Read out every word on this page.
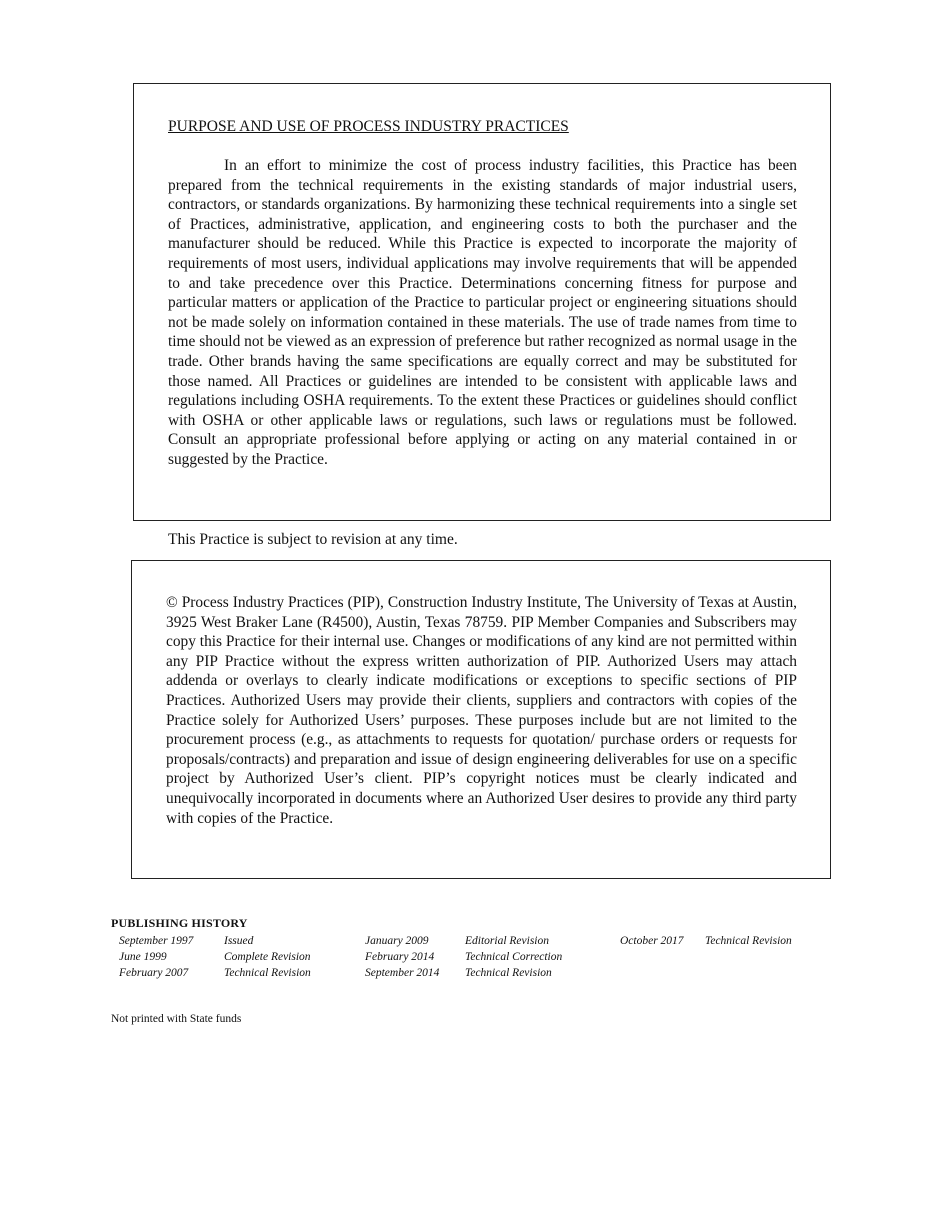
PURPOSE AND USE OF PROCESS INDUSTRY PRACTICES

In an effort to minimize the cost of process industry facilities, this Practice has been prepared from the technical requirements in the existing standards of major industrial users, contractors, or standards organizations. By harmonizing these technical requirements into a single set of Practices, administrative, application, and engineering costs to both the purchaser and the manufacturer should be reduced. While this Practice is expected to incorporate the majority of requirements of most users, individual applications may involve requirements that will be appended to and take precedence over this Practice. Determinations concerning fitness for purpose and particular matters or application of the Practice to particular project or engineering situations should not be made solely on information contained in these materials. The use of trade names from time to time should not be viewed as an expression of preference but rather recognized as normal usage in the trade. Other brands having the same specifications are equally correct and may be substituted for those named. All Practices or guidelines are intended to be consistent with applicable laws and regulations including OSHA requirements. To the extent these Practices or guidelines should conflict with OSHA or other applicable laws or regulations, such laws or regulations must be followed. Consult an appropriate professional before applying or acting on any material contained in or suggested by the Practice.

This Practice is subject to revision at any time.

© Process Industry Practices (PIP), Construction Industry Institute, The University of Texas at Austin, 3925 West Braker Lane (R4500), Austin, Texas 78759. PIP Member Companies and Subscribers may copy this Practice for their internal use. Changes or modifications of any kind are not permitted within any PIP Practice without the express written authorization of PIP. Authorized Users may attach addenda or overlays to clearly indicate modifications or exceptions to specific sections of PIP Practices. Authorized Users may provide their clients, suppliers and contractors with copies of the Practice solely for Authorized Users’ purposes. These purposes include but are not limited to the procurement process (e.g., as attachments to requests for quotation/ purchase orders or requests for proposals/contracts) and preparation and issue of design engineering deliverables for use on a specific project by Authorized User’s client. PIP’s copyright notices must be clearly indicated and unequivocally incorporated in documents where an Authorized User desires to provide any third party with copies of the Practice.

PUBLISHING HISTORY
September 1997
June 1999
February 2007
Issued
Complete Revision
Technical Revision
January 2009
February 2014
September 2014
Editorial Revision
Technical Correction
Technical Revision
October 2017 Technical Revision
Not printed with State funds
